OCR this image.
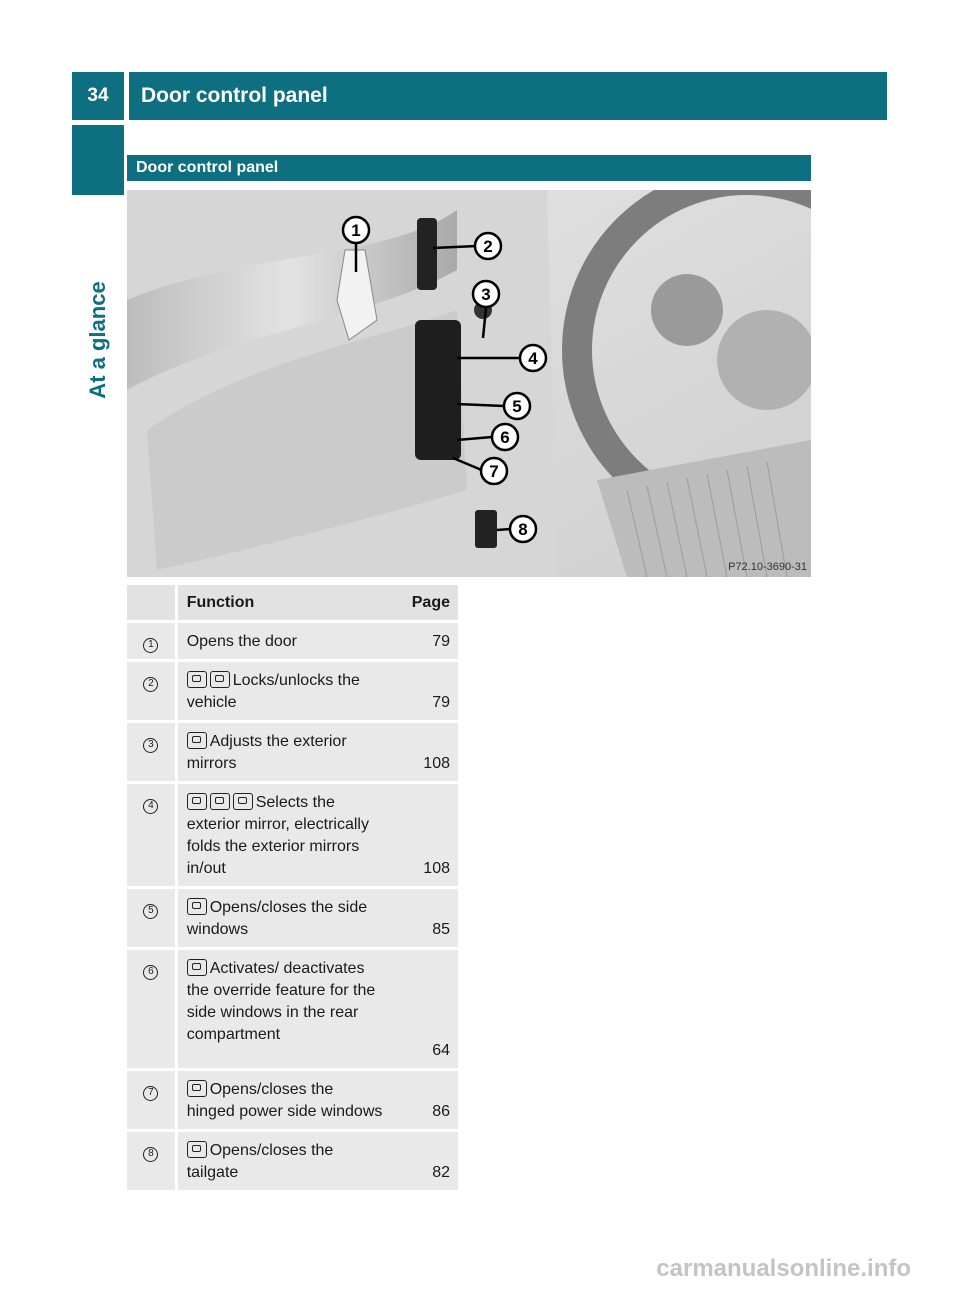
34	Door control panel
At a glance
Door control panel
1
2
3
4
5
6
7
8
P72.10-3690-31
	Function	Page
1	Opens the door	79
2	Locks/unlocks the vehicle	79
3	Adjusts the exterior mirrors	108
4	Selects the exterior mirror, electrically folds the exterior mirrors in/out	108
5	Opens/closes the side windows	85
6	Activates/ deactivates the override feature for the side windows in the rear compartment	64
7	Opens/closes the hinged power side windows	86
8	Opens/closes the tailgate	82
carmanualsonline.info
